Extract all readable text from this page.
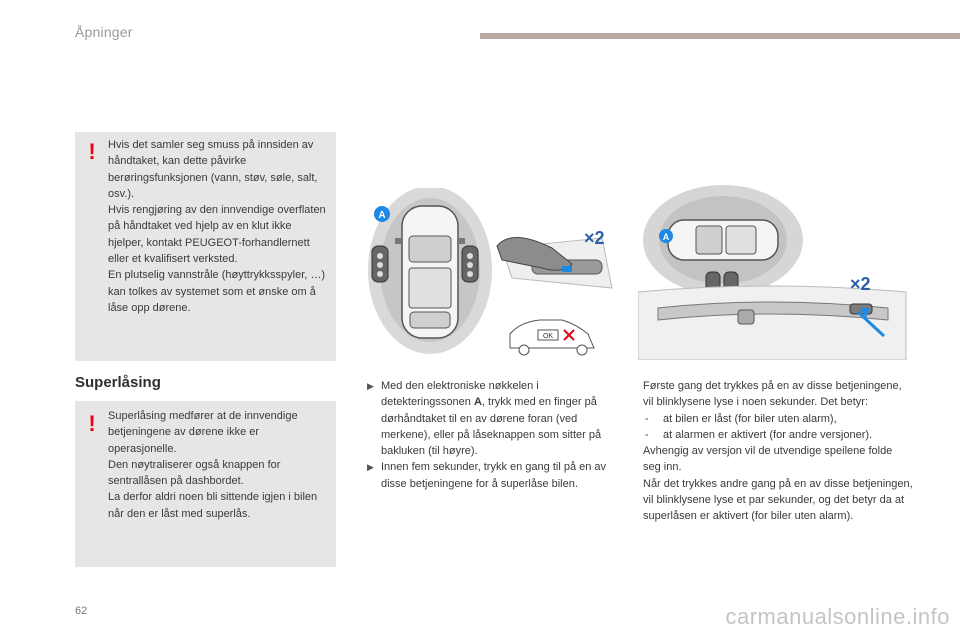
Åpninger
! Hvis det samler seg smuss på innsiden av håndtaket, kan dette påvirke berøringsfunksjonen (vann, støv, søle, salt, osv.).

Hvis rengjøring av den innvendige overflaten på håndtaket ved hjelp av en klut ikke hjelper, kontakt PEUGEOT-forhandlernett eller et kvalifisert verksted.

En plutselig vannstråle (høyttrykksspyler, …) kan tolkes av systemet som et ønske om å låse opp dørene.

Superlåsing
! Superlåsing medfører at de innvendige betjeningene av dørene ikke er operasjonelle.

Den nøytraliserer også knappen for sentrallåsen på dashbordet.

La derfor aldri noen bli sittende igjen i bilen når den er låst med superlås.

A
×2
OK
A
×2
▶ Med den elektroniske nøkkelen i detekteringssonen A, trykk med en finger på dørhåndtaket til en av dørene foran (ved merkene), eller på låseknappen som sitter på bakluken (til høyre).
▶ Innen fem sekunder, trykk en gang til på en av disse betjeningene for å superlåse bilen.

Første gang det trykkes på en av disse betjeningene, vil blinklysene lyse i noen sekunder. Det betyr:

- at bilen er låst (for biler uten alarm),
- at alarmen er aktivert (for andre versjoner).

Avhengig av versjon vil de utvendige speilene folde seg inn.

Når det trykkes andre gang på en av disse betjeningen, vil blinklysene lyse et par sekunder, og det betyr da at superlåsen er aktivert (for biler uten alarm).

62	carmanualsonline.info
